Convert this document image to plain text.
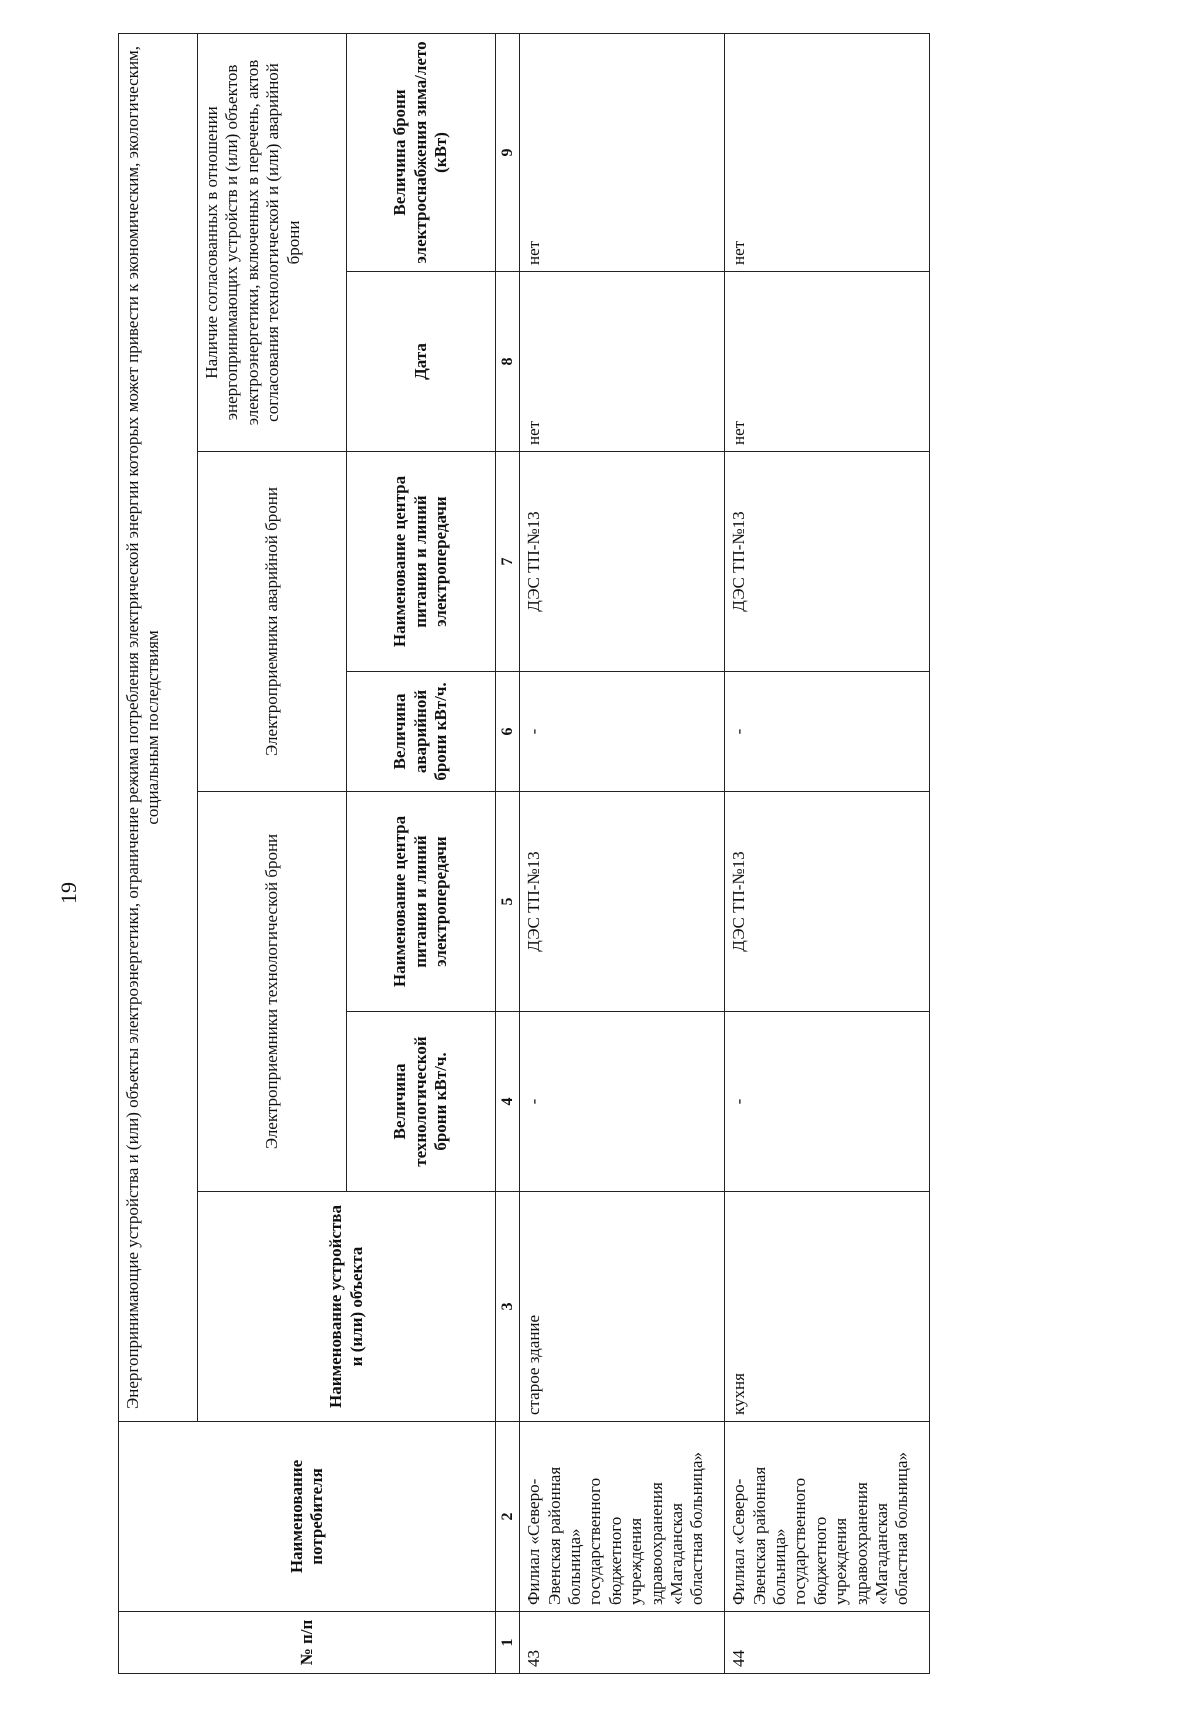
19
№ п/п	Наименование потребителя	Энергопринимающие устройства и (или) объекты электроэнергетики, ограничение режима потребления электрической энергии которых может привести к экономическим, экологическим, социальным последствиям						
		Наименование устройства и (или) объекта	Электроприемники технологической брони		Электроприемники аварийной брони		Наличие согласованных в отношении энергопринимающих устройств и (или) объектов электроэнергетики, включенных в перечень, актов согласования технологической и (или) аварийной брони	
			Величина технологической брони кВт/ч.	Наименование центра питания и линий электропередачи	Величина аварийной брони кВт/ч.	Наименование центра питания и линий электропередачи	Дата	Величина брони электроснабжения зима/лето (кВт)
1	2	3	4	5	6	7	8	9
43	Филиал «Северо-Эвенская районная больница» государственного бюджетного учреждения здравоохранения «Магаданская областная больница»	старое здание	-	ДЭС ТП-№13	-	ДЭС ТП-№13	нет	нет
44	Филиал «Северо-Эвенская районная больница» государственного бюджетного учреждения здравоохранения «Магаданская областная больница»	кухня	-	ДЭС ТП-№13	-	ДЭС ТП-№13	нет	нет
